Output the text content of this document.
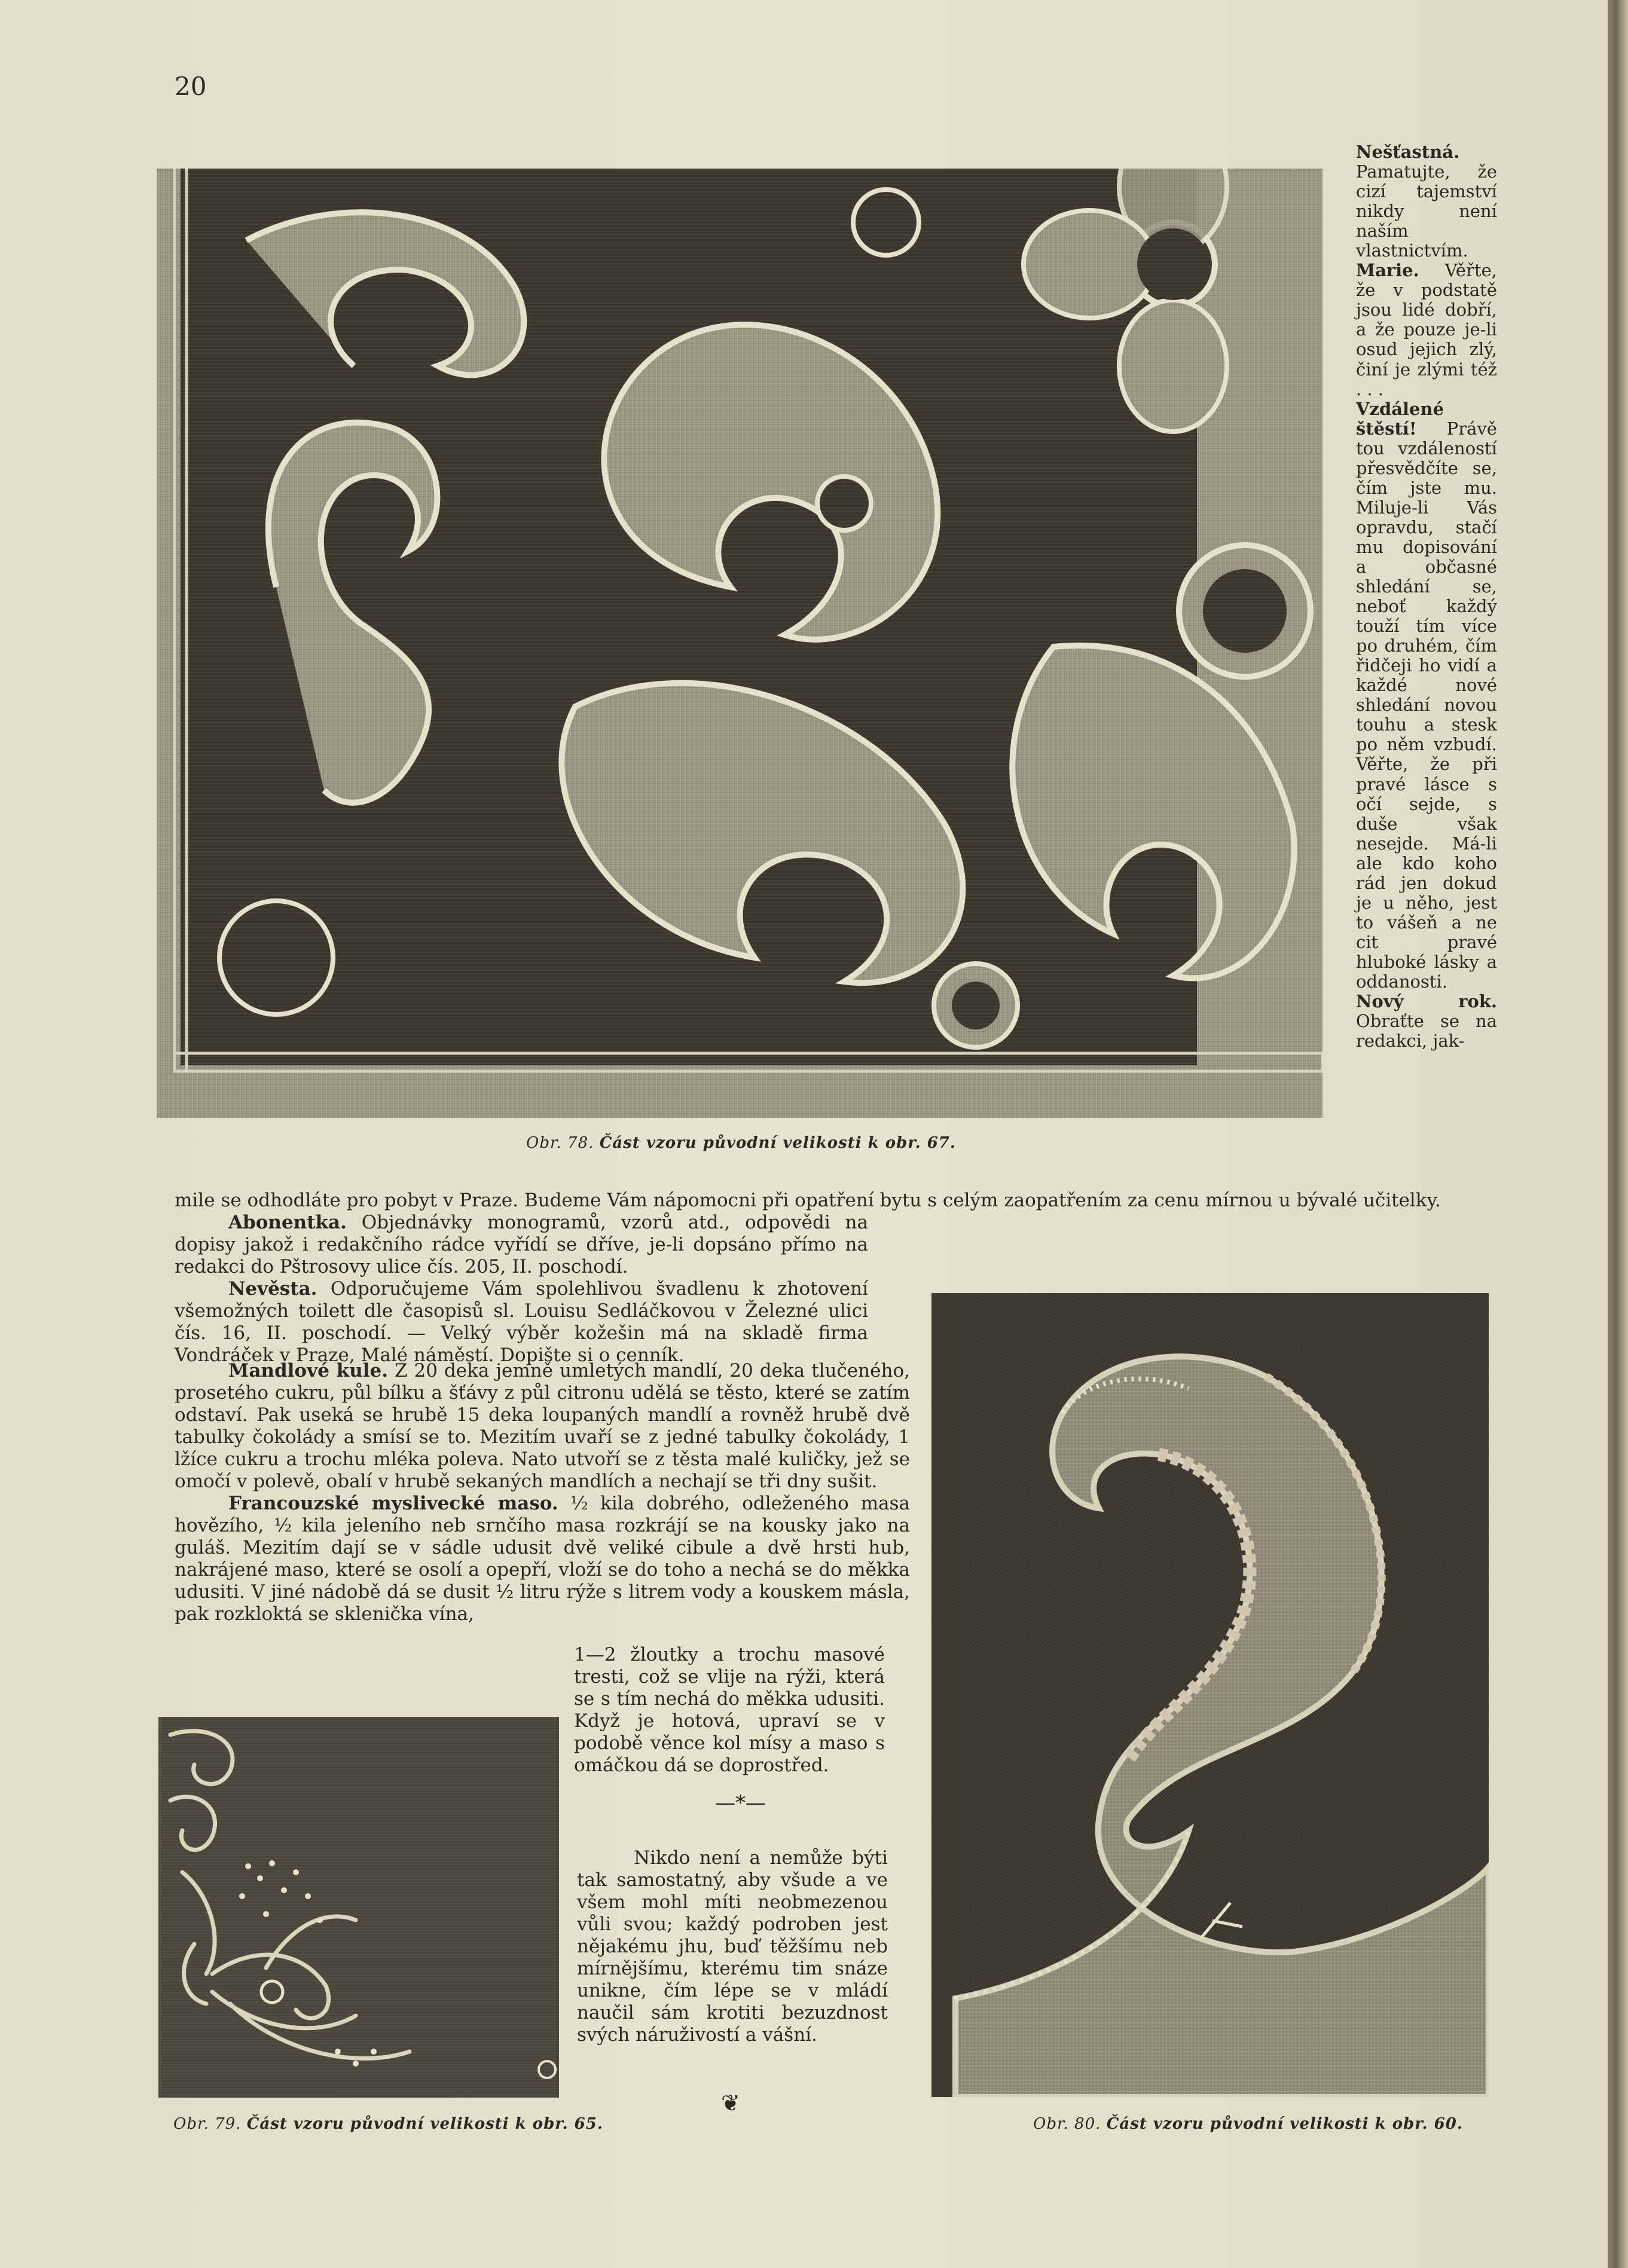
20
Obr. 78. Část vzoru původní velikosti k obr. 67.

Nešťastná. Pamatujte, že cizí tajemství nikdy není naším vlastnictvím.

Marie. Věřte, že v podstatě jsou lidé dobří, a že pouze je-li osud jejich zlý, činí je zlými též . . .

Vzdálené štěstí! Právě tou vzdáleností přesvědčíte se, čím jste mu. Miluje-li Vás opravdu, stačí mu dopisování a občasné shledání se, neboť každý touží tím více po druhém, čím řidčeji ho vidí a každé nové shledání novou touhu a stesk po něm vzbudí. Věřte, že při pravé lásce s očí sejde, s duše však nesejde. Má-li ale kdo koho rád jen dokud je u něho, jest to vášeň a ne cit pravé hluboké lásky a oddanosti.

Nový rok. Obraťte se na redakci, jak-

mile se odhodláte pro pobyt v Praze. Budeme Vám nápomocni při opatření bytu s celým zaopatřením za cenu mírnou u bývalé učitelky.

Abonentka. Objednávky monogramů, vzorů atd., odpovědi na dopisy jakož i redakčního rádce vyřídí se dříve, je-li dopsáno přímo na redakci do Pštrosovy ulice čís. 205, II. poschodí.

Nevěsta. Odporučujeme Vám spolehlivou švadlenu k zhotovení všemožných toilett dle časopisů sl. Louisu Sedláčkovou v Železné ulici čís. 16, II. poschodí. — Velký výběr kožešin má na skladě firma Vondráček v Praze, Malé náměstí. Dopište si o cenník.

Mandlové kule. Z 20 deka jemně umletých mandlí, 20 deka tlučeného, prosetého cukru, půl bílku a šťávy z půl citronu udělá se těsto, které se zatím odstaví. Pak useká se hrubě 15 deka loupaných mandlí a rovněž hrubě dvě tabulky čokolády a smísí se to. Mezitím uvaří se z jedné tabulky čokolády, 1 lžíce cukru a trochu mléka poleva. Nato utvoří se z těsta malé kuličky, jež se omočí v polevě, obalí v hrubě sekaných mandlích a nechají se tři dny sušit.

Francouzské myslivecké maso. ½ kila dobrého, odleženého masa hovězího, ½ kila jeleního neb srnčího masa rozkrájí se na kousky jako na guláš. Mezitím dají se v sádle udusit dvě veliké cibule a dvě hrsti hub, nakrájené maso, které se osolí a opepří, vloží se do toho a nechá se do měkka udusiti. V jiné nádobě dá se dusit ½ litru rýže s litrem vody a kouskem másla, pak rozkloktá se sklenička vína,

1—2 žloutky a trochu masové tresti, což se vlije na rýži, která se s tím nechá do měkka udusiti. Když je hotová, upraví se v podobě věnce kol mísy a maso s omáčkou dá se doprostřed.

—*—

Nikdo není a nemůže býti tak samostatný, aby všude a ve všem mohl míti neobmezenou vůli svou; každý podroben jest nějakému jhu, buď těžšímu neb mírnějšímu, kterému tim snáze unikne, čím lépe se v mládí naučil sám krotiti bezuzdnost svých náruživostí a vášní.

❦
Obr. 79. Část vzoru původní velikosti k obr. 65.	Obr. 80. Část vzoru původní velikosti k obr. 60.
